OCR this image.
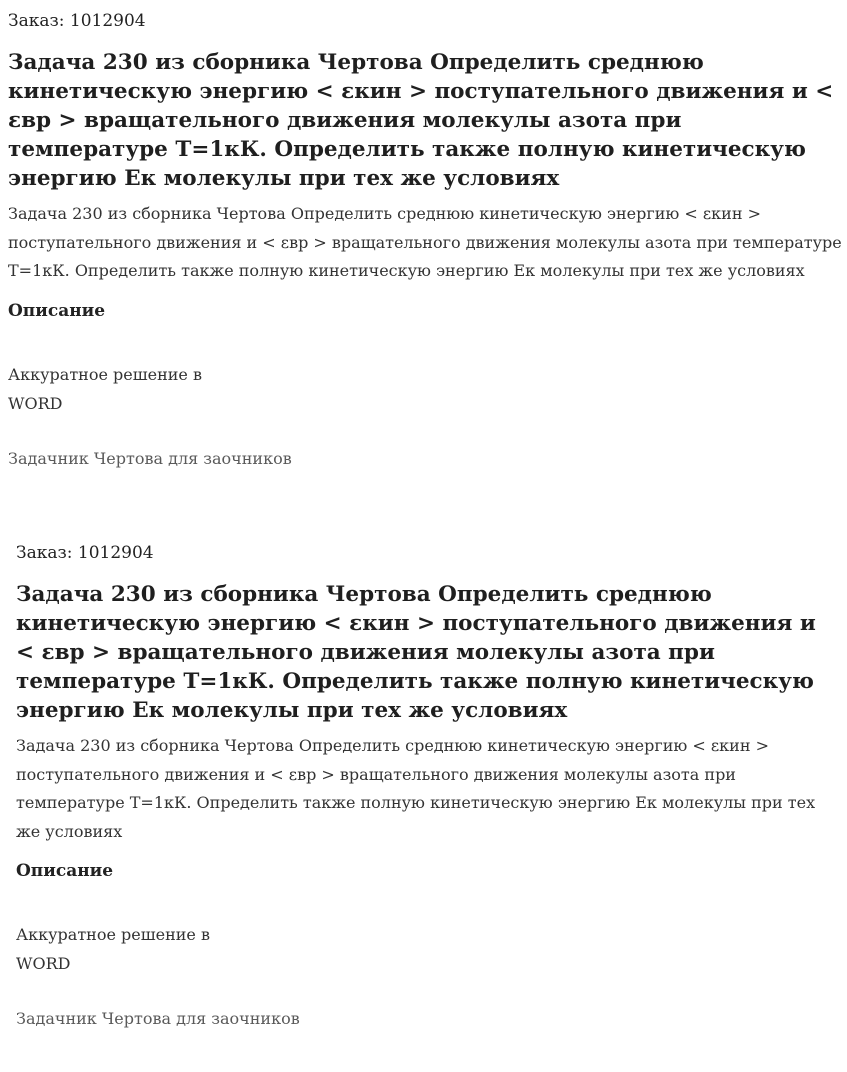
Заказ: 1012904
Задача 230 из сборника Чертова Определить среднюю кинетическую энергию < εкин > поступательного движения и < εвр > вращательного движения молекулы азота при температуре T=1кК. Определить также полную кинетическую энергию Eк молекулы при тех же условиях
Задача 230 из сборника Чертова Определить среднюю кинетическую энергию < εкин > поступательного движения и < εвр > вращательного движения молекулы азота при температуре T=1кК. Определить также полную кинетическую энергию Eк молекулы при тех же условиях
Описание
Аккуратное решение в
WORD
Задачник Чертова для заочников
Заказ: 1012904
Задача 230 из сборника Чертова Определить среднюю кинетическую энергию < εкин > поступательного движения и < εвр > вращательного движения молекулы азота при температуре T=1кК. Определить также полную кинетическую энергию Eк молекулы при тех же условиях
Задача 230 из сборника Чертова Определить среднюю кинетическую энергию < εкин > поступательного движения и < εвр > вращательного движения молекулы азота при температуре T=1кК. Определить также полную кинетическую энергию Eк молекулы при тех же условиях
Описание
Аккуратное решение в
WORD
Задачник Чертова для заочников
